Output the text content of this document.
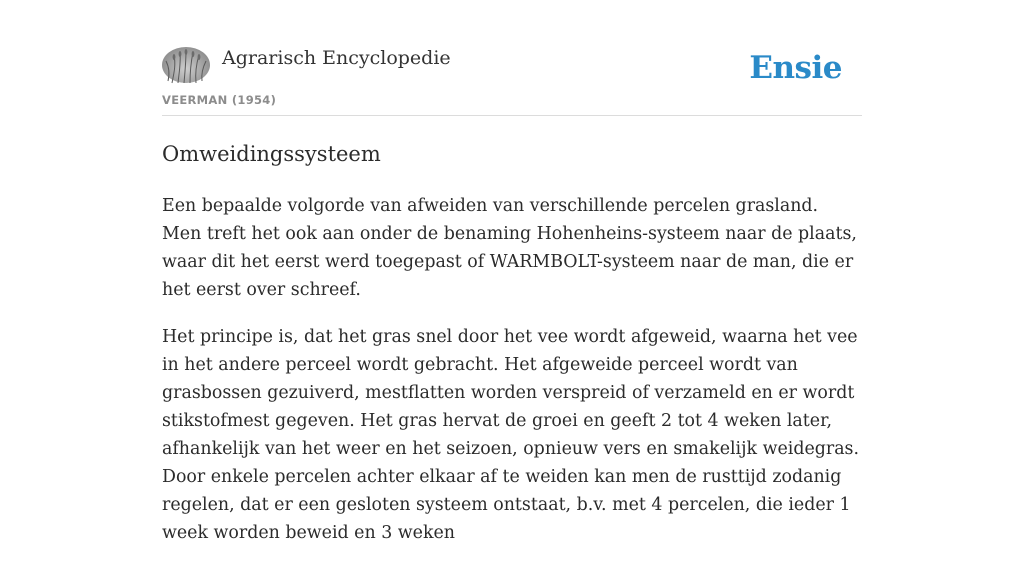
Agrarisch Encyclopedie
VEERMAN (1954)
Ensie
Omweidingssysteem

Een bepaalde volgorde van afweiden van verschillende percelen grasland. Men treft het ook aan onder de benaming Hohenheins-systeem naar de plaats, waar dit het eerst werd toegepast of WARMBOLT-systeem naar de man, die er het eerst over schreef.

Het principe is, dat het gras snel door het vee wordt afgeweid, waarna het vee in het andere perceel wordt gebracht. Het afgeweide perceel wordt van grasbossen gezuiverd, mestflatten worden verspreid of verzameld en er wordt stikstofmest gegeven. Het gras hervat de groei en geeft 2 tot 4 weken later, afhankelijk van het weer en het seizoen, opnieuw vers en smakelijk weidegras. Door enkele percelen achter elkaar af te weiden kan men de rusttijd zodanig regelen, dat er een gesloten systeem ontstaat, b.v. met 4 percelen, die ieder 1 week worden beweid en 3 weken
